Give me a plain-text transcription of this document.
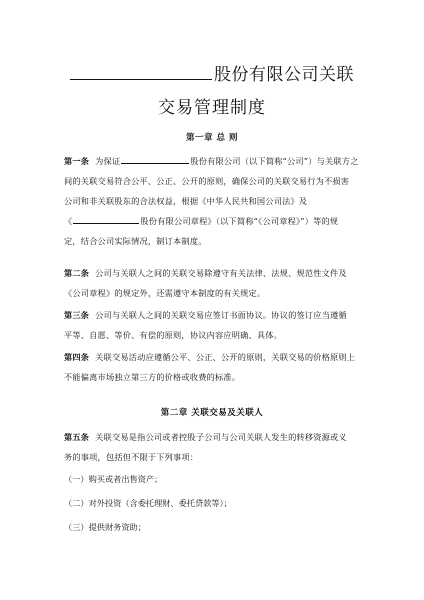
股份有限公司关联
交易管理制度
第一章 总 则
第一条 为保证	股份有限公司（以下简称“公司”）与关联方之
间的关联交易符合公平、公正、公开的原则，确保公司的关联交易行为不损害
公司和非关联股东的合法权益，根据《中华人民共和国公司法》及
《	股份有限公司章程》（以下简称“《公司章程》”）等的规
定，结合公司实际情况，制订本制度。
第二条 公司与关联人之间的关联交易除遵守有关法律、法规、规范性文件及
《公司章程》的规定外，还需遵守本制度的有关规定。
第三条 公司与关联人之间的关联交易应签订书面协议。协议的签订应当遵循
平等、自愿、等价、有偿的原则，协议内容应明确、具体。
第四条 关联交易活动应遵循公平、公正、公开的原则，关联交易的价格原则上
不能偏离市场独立第三方的价格或收费的标准。
第二章 关联交易及关联人
第五条 关联交易是指公司或者控股子公司与公司关联人发生的转移资源或义
务的事项，包括但不限于下列事项：
（一）购买或者出售资产；
（二）对外投资（含委托理财、委托贷款等）；
（三）提供财务资助；
